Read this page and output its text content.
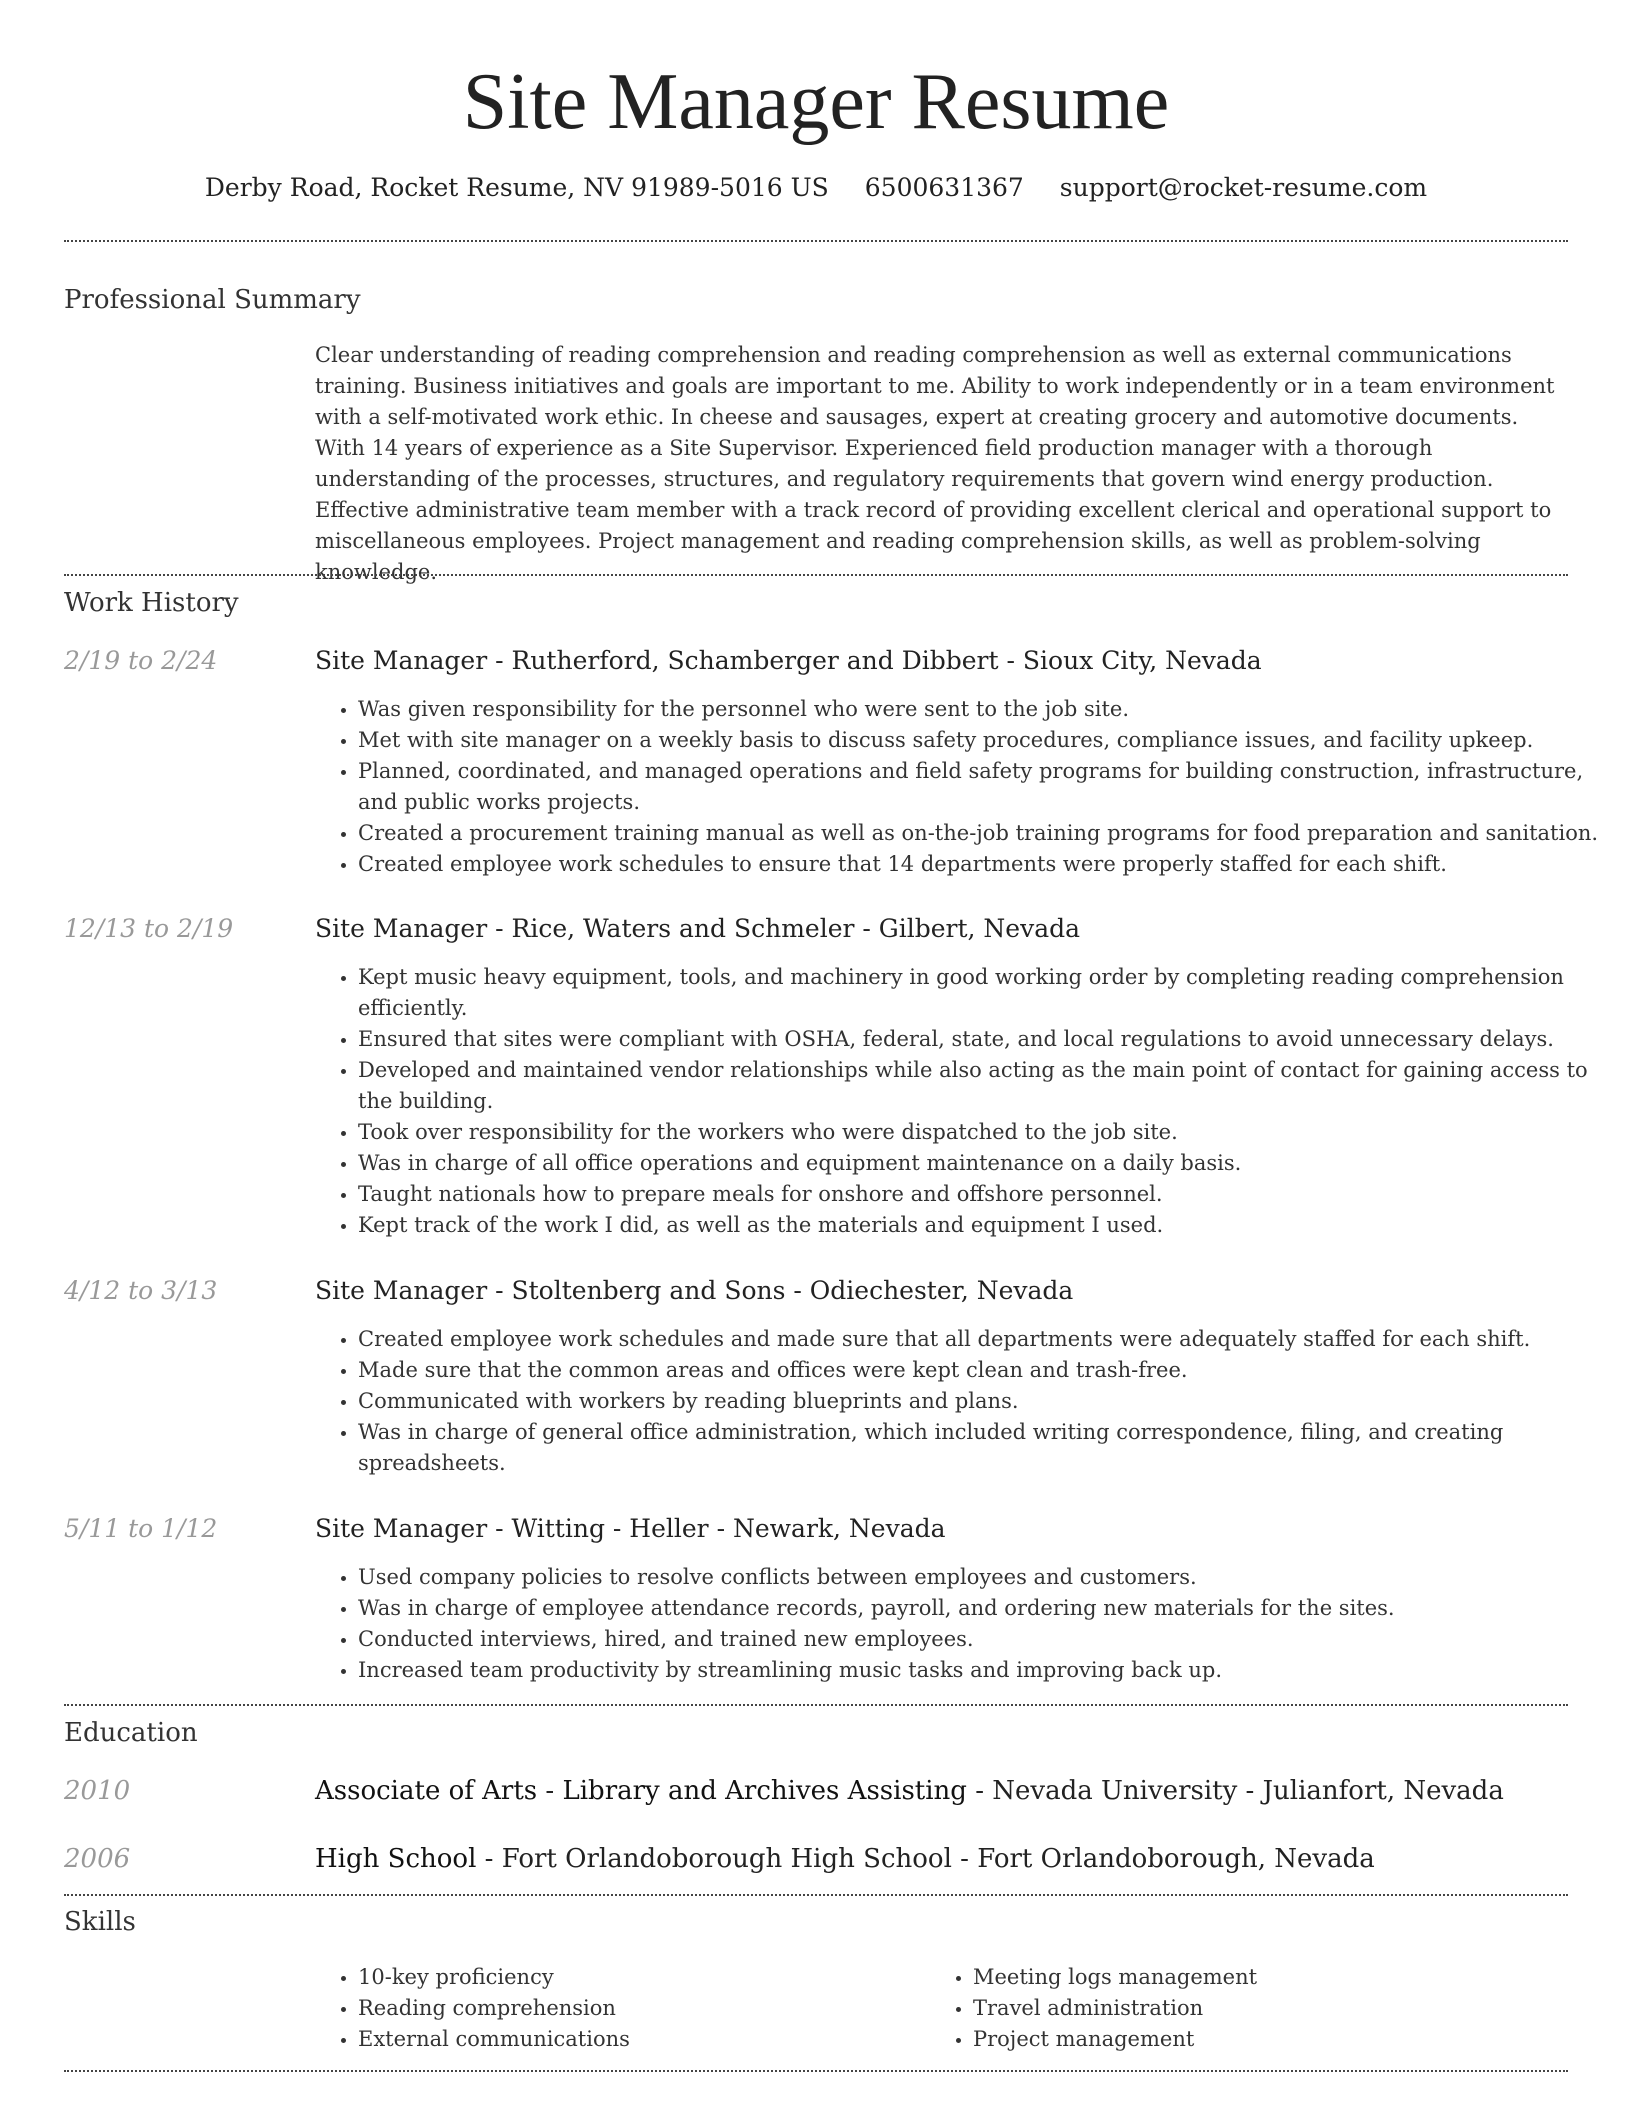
Site Manager Resume
Derby Road, Rocket Resume, NV 91989-5016 US 6500631367 support@rocket-resume.com
Professional Summary

Clear understanding of reading comprehension and reading comprehension as well as external communications training. Business initiatives and goals are important to me. Ability to work independently or in a team environment with a self-motivated work ethic. In cheese and sausages, expert at creating grocery and automotive documents. With 14 years of experience as a Site Supervisor. Experienced field production manager with a thorough understanding of the processes, structures, and regulatory requirements that govern wind energy production. Effective administrative team member with a track record of providing excellent clerical and operational support to miscellaneous employees. Project management and reading comprehension skills, as well as problem-solving knowledge.

Work History
2/19 to 2/24	Site Manager - Rutherford, Schamberger and Dibbert - Sioux City, Nevada
• Was given responsibility for the personnel who were sent to the job site.
• Met with site manager on a weekly basis to discuss safety procedures, compliance issues, and facility upkeep.
• Planned, coordinated, and managed operations and field safety programs for building construction, infrastructure, and public works projects.
• Created a procurement training manual as well as on-the-job training programs for food preparation and sanitation.
• Created employee work schedules to ensure that 14 departments were properly staffed for each shift.
12/13 to 2/19	Site Manager - Rice, Waters and Schmeler - Gilbert, Nevada
• Kept music heavy equipment, tools, and machinery in good working order by completing reading comprehension efficiently.
• Ensured that sites were compliant with OSHA, federal, state, and local regulations to avoid unnecessary delays.
• Developed and maintained vendor relationships while also acting as the main point of contact for gaining access to the building.
• Took over responsibility for the workers who were dispatched to the job site.
• Was in charge of all office operations and equipment maintenance on a daily basis.
• Taught nationals how to prepare meals for onshore and offshore personnel.
• Kept track of the work I did, as well as the materials and equipment I used.
4/12 to 3/13	Site Manager - Stoltenberg and Sons - Odiechester, Nevada
• Created employee work schedules and made sure that all departments were adequately staffed for each shift.
• Made sure that the common areas and offices were kept clean and trash-free.
• Communicated with workers by reading blueprints and plans.
• Was in charge of general office administration, which included writing correspondence, filing, and creating spreadsheets.
5/11 to 1/12	Site Manager - Witting - Heller - Newark, Nevada
• Used company policies to resolve conflicts between employees and customers.
• Was in charge of employee attendance records, payroll, and ordering new materials for the sites.
• Conducted interviews, hired, and trained new employees.
• Increased team productivity by streamlining music tasks and improving back up.
Education
2010	Associate of Arts - Library and Archives Assisting - Nevada University - Julianfort, Nevada
2006	High School - Fort Orlandoborough High School - Fort Orlandoborough, Nevada
Skills
• 10-key proficiency
• Reading comprehension
• External communications
• Meeting logs management
• Travel administration
• Project management
